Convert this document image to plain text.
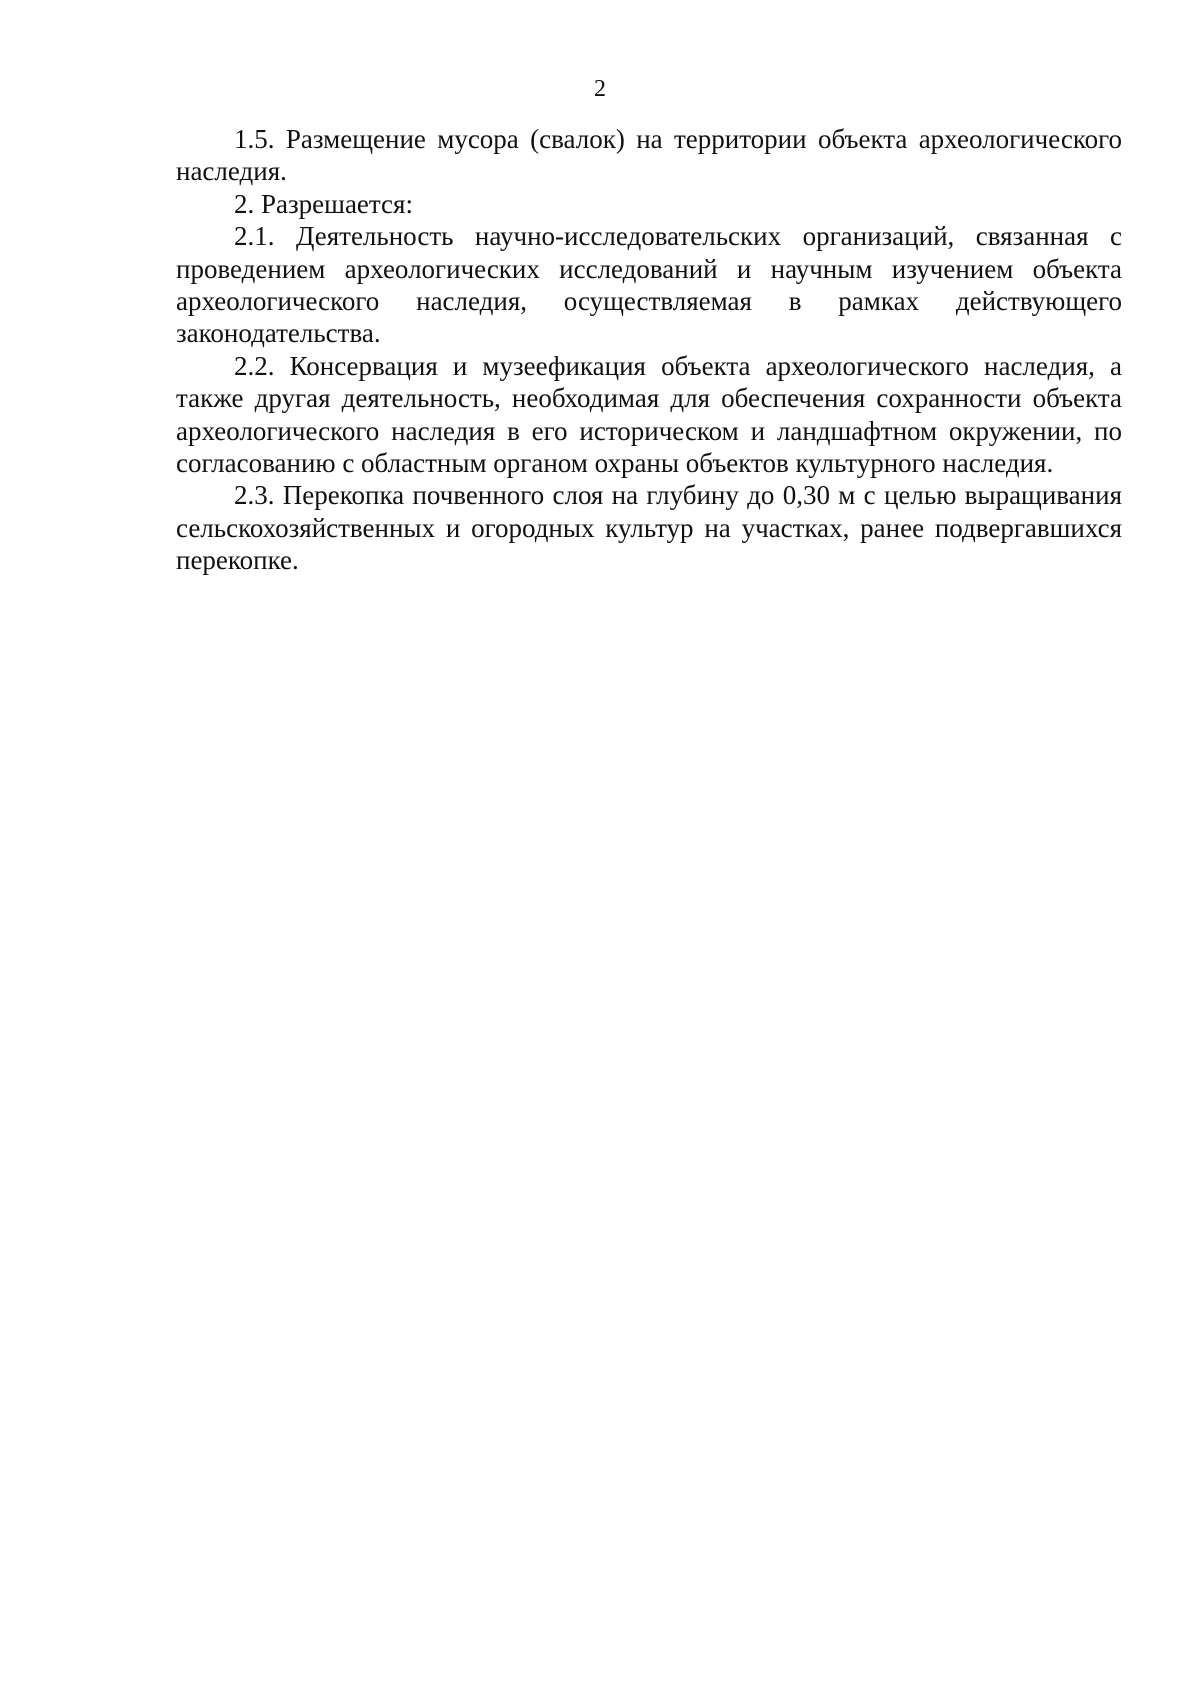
2

1.5. Размещение мусора (свалок) на территории объекта археологического наследия.

2. Разрешается:

2.1. Деятельность научно-исследовательских организаций, связанная с проведением археологических исследований и научным изучением объекта археологического наследия, осуществляемая в рамках действующего законодательства.

2.2. Консервация и музеефикация объекта археологического наследия, а также другая деятельность, необходимая для обеспечения сохранности объекта археологического наследия в его историческом и ландшафтном окружении, по согласованию с областным органом охраны объектов культурного наследия.

2.3. Перекопка почвенного слоя на глубину до 0,30 м с целью выращивания сельскохозяйственных и огородных культур на участках, ранее подвергавшихся перекопке.
